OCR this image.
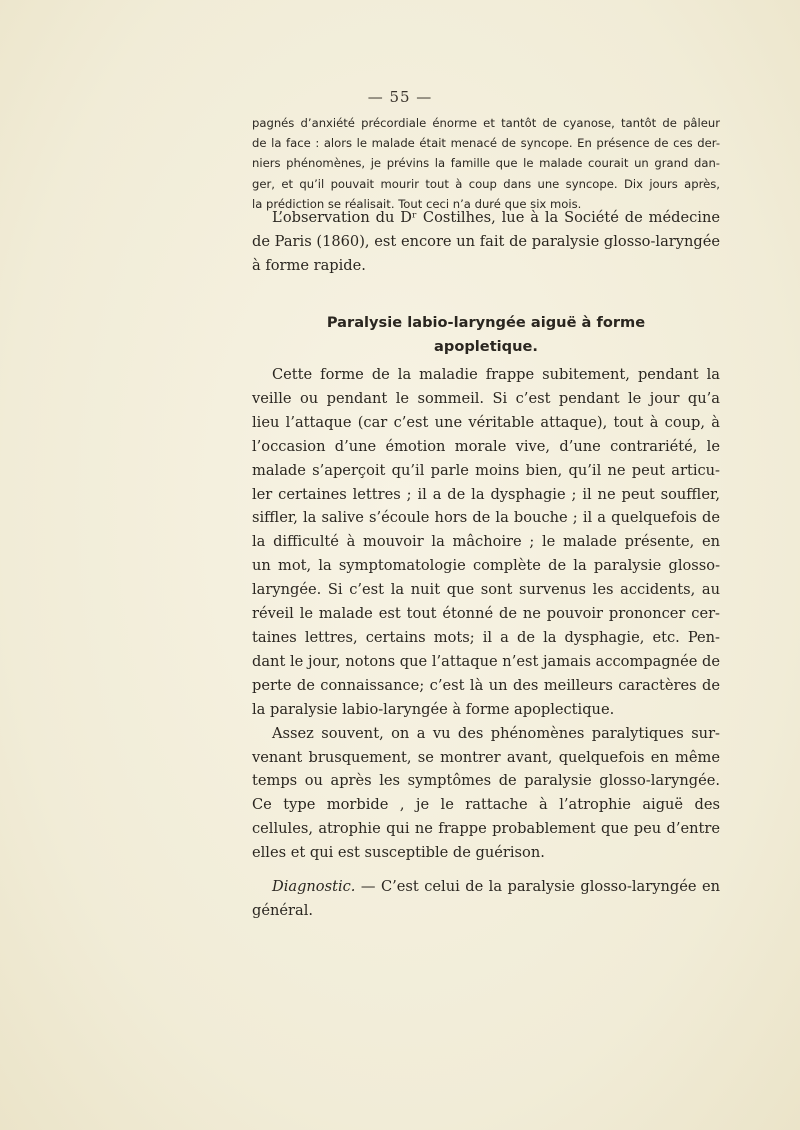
— 55 —
pagnés d’anxiété précordiale énorme et tantôt de cyanose, tantôt de pâleur
de la face : alors le malade était menacé de syncope. En présence de ces der-
niers phénomènes, je prévins la famille que le malade courait un grand dan-
ger, et qu’il pouvait mourir tout à coup dans une syncope. Dix jours après,
la prédiction se réalisait. Tout ceci n’a duré que six mois.
L’observation du Dʳ Costilhes, lue à la Société de médecine
de Paris (1860), est encore un fait de paralysie glosso-laryngée
à forme rapide.
Paralysie labio-laryngée aiguë à forme
apopletique.
Cette forme de la maladie frappe subitement, pendant la
veille ou pendant le sommeil. Si c’est pendant le jour qu’a
lieu l’attaque (car c’est une véritable attaque), tout à coup, à
l’occasion d’une émotion morale vive, d’une contrariété, le
malade s’aperçoit qu’il parle moins bien, qu’il ne peut articu-
ler certaines lettres ; il a de la dysphagie ; il ne peut souffler,
siffler, la salive s’écoule hors de la bouche ; il a quelquefois de
la difficulté à mouvoir la mâchoire ; le malade présente, en
un mot, la symptomatologie complète de la paralysie glosso-
laryngée. Si c’est la nuit que sont survenus les accidents, au
réveil le malade est tout étonné de ne pouvoir prononcer cer-
taines lettres, certains mots; il a de la dysphagie, etc. Pen-
dant le jour, notons que l’attaque n’est jamais accompagnée de
perte de connaissance; c’est là un des meilleurs caractères de
la paralysie labio-laryngée à forme apoplectique.
Assez souvent, on a vu des phénomènes paralytiques sur-
venant brusquement, se montrer avant, quelquefois en même
temps ou après les symptômes de paralysie glosso-laryngée.
Ce type morbide , je le rattache à l’atrophie aiguë des
cellules, atrophie qui ne frappe probablement que peu d’entre
elles et qui est susceptible de guérison.
Diagnostic. — C’est celui de la paralysie glosso-laryngée en
général.
